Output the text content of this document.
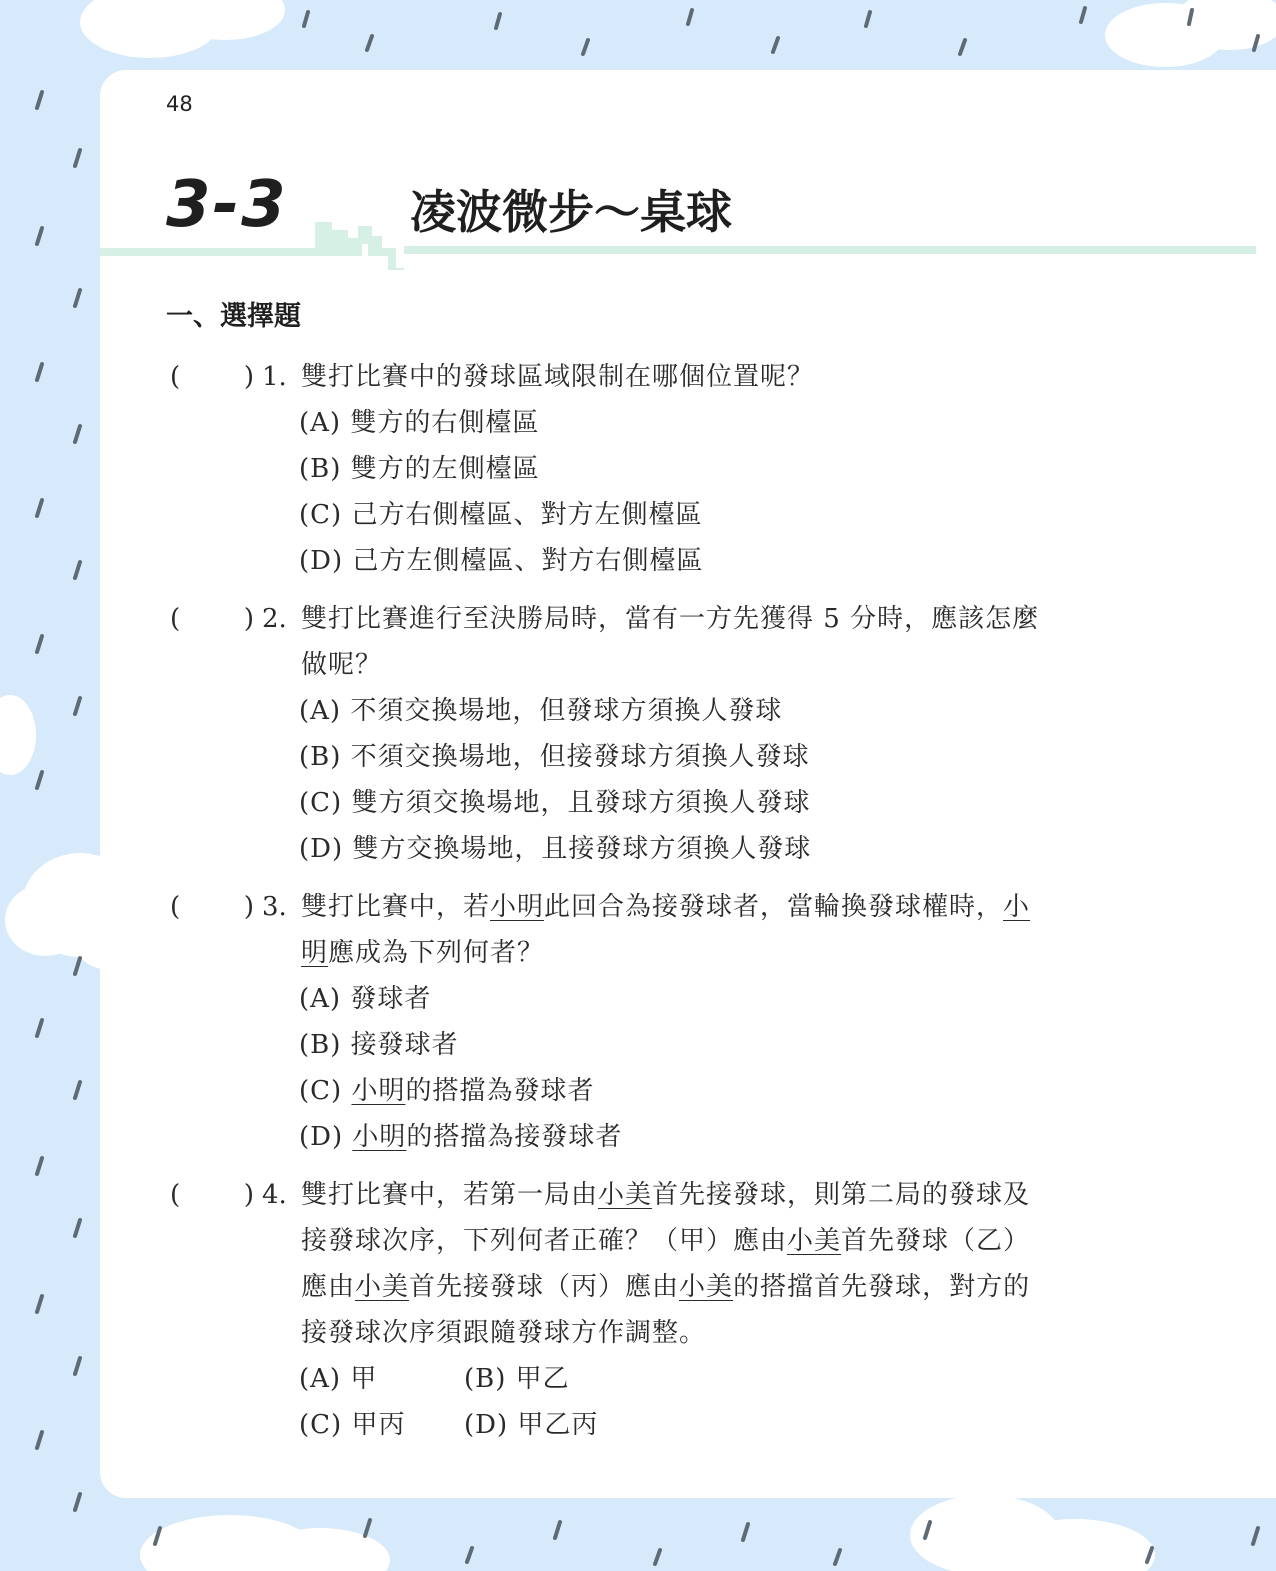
48
3-3	凌波微步～桌球
一、選擇題
( ) 1. 雙打比賽中的發球區域限制在哪個位置呢？
(A) 雙方的右側檯區
(B) 雙方的左側檯區
(C) 己方右側檯區、對方左側檯區
(D) 己方左側檯區、對方右側檯區
( ) 2. 雙打比賽進行至決勝局時，當有一方先獲得 5 分時，應該怎麼
做呢？
(A) 不須交換場地，但發球方須換人發球
(B) 不須交換場地，但接發球方須換人發球
(C) 雙方須交換場地，且發球方須換人發球
(D) 雙方交換場地，且接發球方須換人發球
( ) 3. 雙打比賽中，若小明此回合為接發球者，當輪換發球權時，小
明應成為下列何者？
(A) 發球者
(B) 接發球者
(C) 小明的搭擋為發球者
(D) 小明的搭擋為接發球者
( ) 4. 雙打比賽中，若第一局由小美首先接發球，則第二局的發球及
接發球次序，下列何者正確？（甲）應由小美首先發球（乙）
應由小美首先接發球（丙）應由小美的搭擋首先發球，對方的
接發球次序須跟隨發球方作調整。
(A) 甲	(B) 甲乙
(C) 甲丙	(D) 甲乙丙
